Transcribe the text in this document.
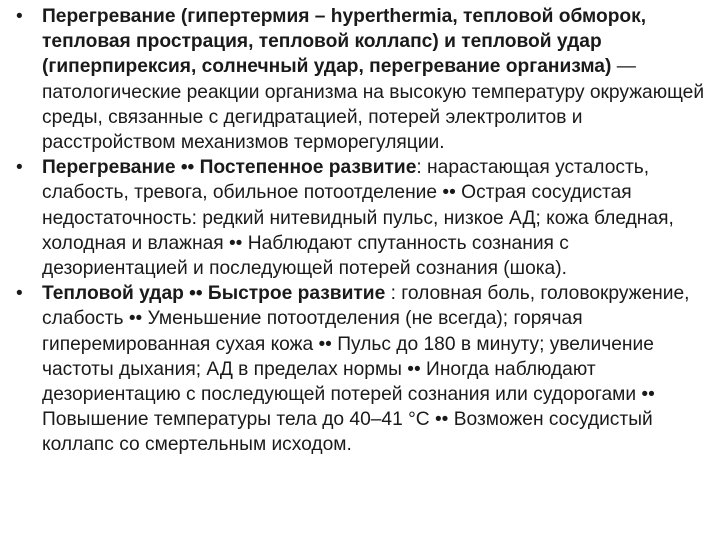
•	Перегревание (гипертермия – hyperthermia, тепловой обморок, тепловая прострация, тепловой коллапс) и тепловой удар (гиперпирексия, солнечный удар, перегревание организма) — патологические реакции организма на высокую температуру окружающей среды, связанные с дегидратацией, потерей электролитов и расстройством механизмов терморегуляции.
•	Перегревание •• Постепенное развитие: нарастающая усталость, слабость, тревога, обильное потоотделение •• Острая сосудистая недостаточность: редкий нитевидный пульс, низкое АД; кожа бледная, холодная и влажная •• Наблюдают спутанность сознания с дезориентацией и последующей потерей сознания (шока).
•	Тепловой удар •• Быстрое развитие : головная боль, головокружение, слабость •• Уменьшение потоотделения (не всегда); горячая гиперемированная сухая кожа •• Пульс до 180 в минуту; увеличение частоты дыхания; АД в пределах нормы •• Иногда наблюдают дезориентацию с последующей потерей сознания или судорогами •• Повышение температуры тела до 40–41 °С •• Возможен сосудистый коллапс со смертельным исходом.
